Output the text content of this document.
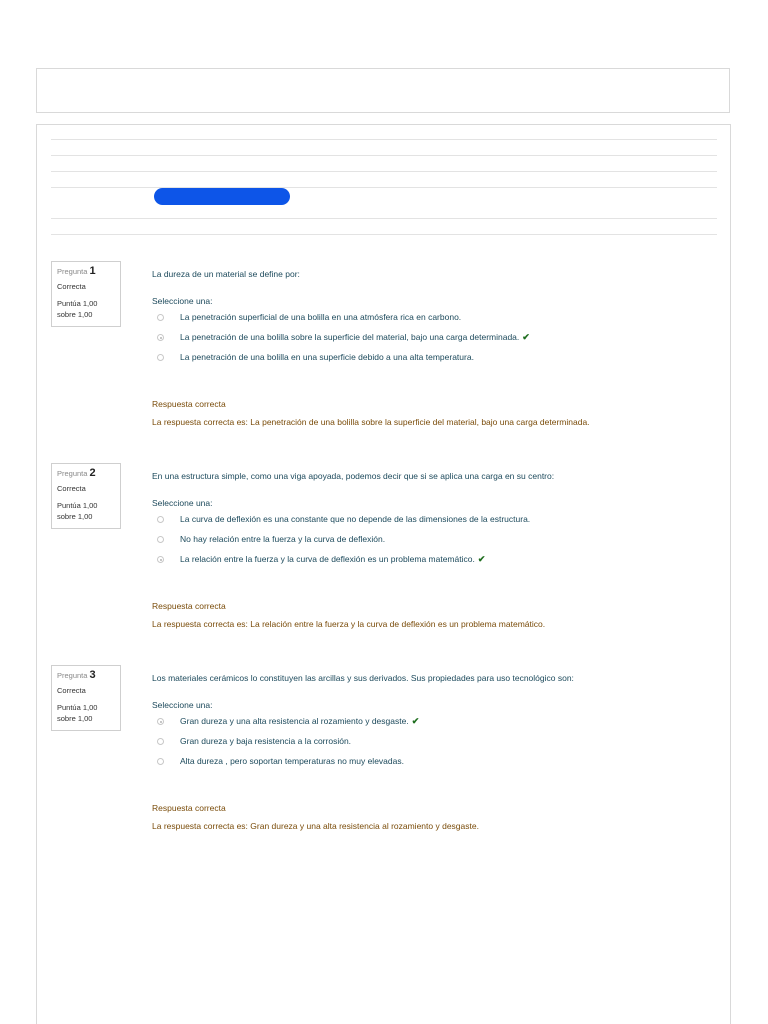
Pregunta 1
Correcta
Puntúa 1,00
sobre 1,00
La dureza de un material se define por:
Seleccione una:
La penetración superficial de una bolilla en una atmósfera rica en carbono.
La penetración de una bolilla sobre la superficie del material, bajo una carga determinada. ✔
La penetración de una bolilla en una superficie debido a una alta temperatura.
Respuesta correcta
La respuesta correcta es: La penetración de una bolilla sobre la superficie del material, bajo una carga determinada.
Pregunta 2
Correcta
Puntúa 1,00
sobre 1,00
En una estructura simple, como una viga apoyada, podemos decir que si se aplica una carga en su centro:
Seleccione una:
La curva de deflexión es una constante que no depende de las dimensiones de la estructura.
No hay relación entre la fuerza y la curva de deflexión.
La relación entre la fuerza y la curva de deflexión es un problema matemático. ✔
Respuesta correcta
La respuesta correcta es: La relación entre la fuerza y la curva de deflexión es un problema matemático.
Pregunta 3
Correcta
Puntúa 1,00
sobre 1,00
Los materiales cerámicos lo constituyen las arcillas y sus derivados. Sus propiedades para uso tecnológico son:
Seleccione una:
Gran dureza y una alta resistencia al rozamiento y desgaste. ✔
Gran dureza y baja resistencia a la corrosión.
Alta dureza , pero soportan temperaturas no muy elevadas.
Respuesta correcta
La respuesta correcta es: Gran dureza y una alta resistencia al rozamiento y desgaste.
